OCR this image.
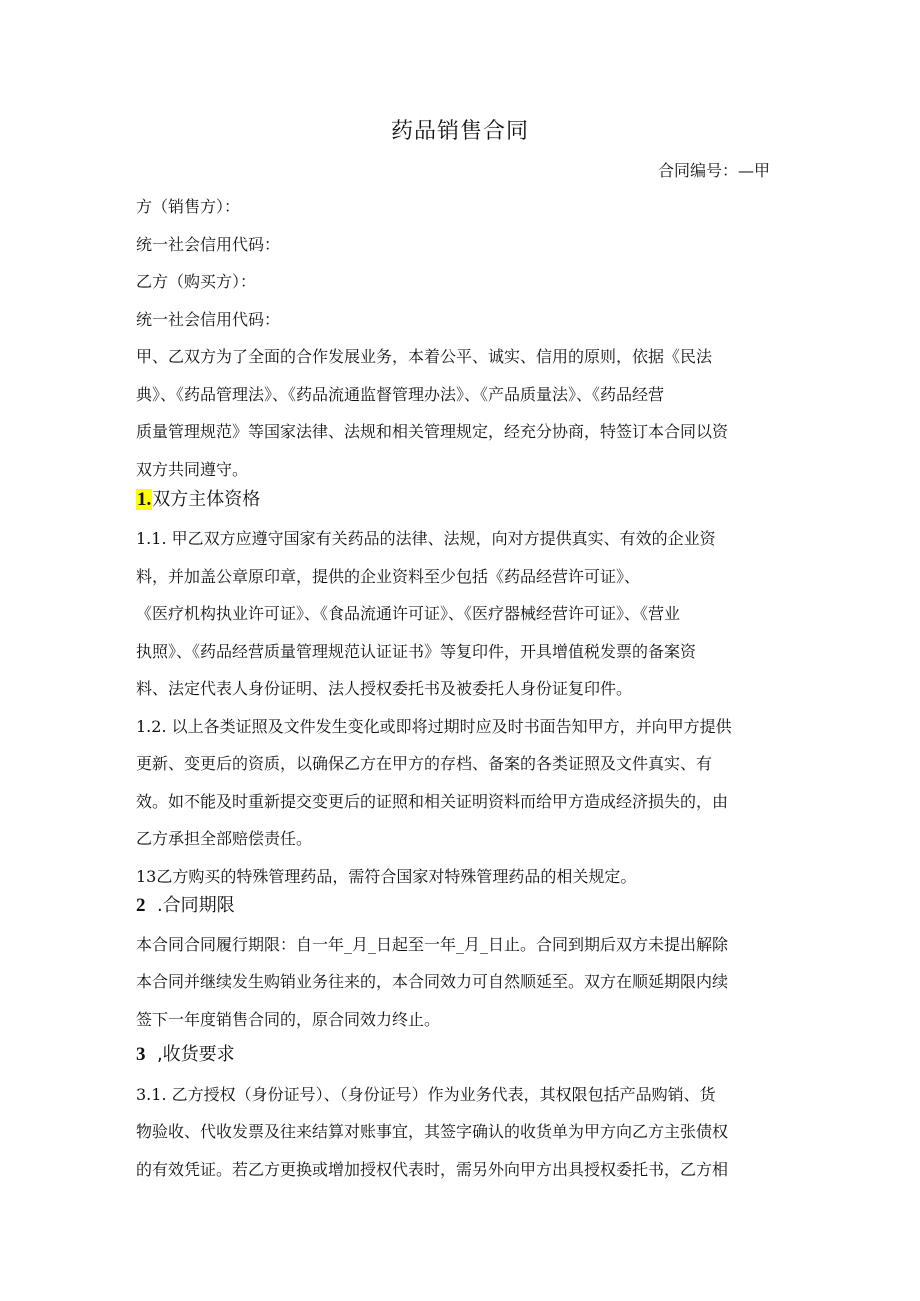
药品销售合同
合同编号：—甲
方（销售方）：
统一社会信用代码：
乙方（购买方）：
统一社会信用代码：
甲、乙双方为了全面的合作发展业务，本着公平、诚实、信用的原则，依据《民法
典》、《药品管理法》、《药品流通监督管理办法》、《产品质量法》、《药品经营
质量管理规范》等国家法律、法规和相关管理规定，经充分协商，特签订本合同以资
双方共同遵守。
1.双方主体资格
1.1. 甲乙双方应遵守国家有关药品的法律、法规，向对方提供真实、有效的企业资
料，并加盖公章原印章，提供的企业资料至少包括《药品经营许可证》、
《医疗机构执业许可证》、《食品流通许可证》、《医疗器械经营许可证》、《营业
执照》、《药品经营质量管理规范认证证书》等复印件，开具增值税发票的备案资
料、法定代表人身份证明、法人授权委托书及被委托人身份证复印件。
1.2. 以上各类证照及文件发生变化或即将过期时应及时书面告知甲方，并向甲方提供
更新、变更后的资质，以确保乙方在甲方的存档、备案的各类证照及文件真实、有
效。如不能及时重新提交变更后的证照和相关证明资料而给甲方造成经济损失的，由
乙方承担全部赔偿责任。
13乙方购买的特殊管理药品，需符合国家对特殊管理药品的相关规定。
2 .合同期限
本合同合同履行期限：自一年_月_日起至一年_月_日止。合同到期后双方未提出解除
本合同并继续发生购销业务往来的，本合同效力可自然顺延至。双方在顺延期限内续
签下一年度销售合同的，原合同效力终止。
3 ,收货要求
3.1. 乙方授权（身份证号）、（身份证号）作为业务代表，其权限包括产品购销、货
物验收、代收发票及往来结算对账事宜，其签字确认的收货单为甲方向乙方主张债权
的有效凭证。若乙方更换或增加授权代表时，需另外向甲方出具授权委托书，乙方相
